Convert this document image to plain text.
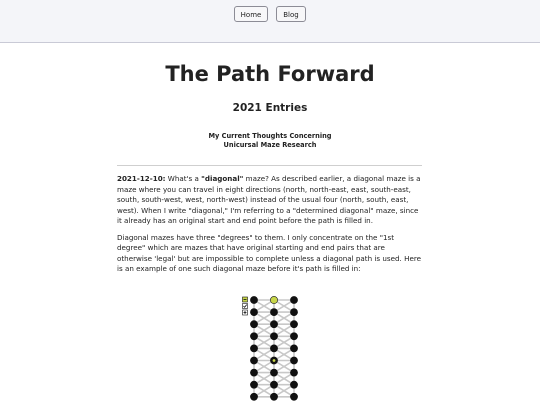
Home	Blog
The Path Forward
2021 Entries
My Current Thoughts Concerning
Unicursal Maze Research

2021-12-10: What's a "diagonal" maze? As described earlier, a diagonal maze is a maze where you can travel in eight directions (north, north-east, east, south-east, south, south-west, west, north-west) instead of the usual four (north, south, east, west). When I write "diagonal," I'm referring to a "determined diagonal" maze, since it already has an original start and end point before the path is filled in.

Diagonal mazes have three "degrees" to them. I only concentrate on the "1st degree" which are mazes that have original starting and end pairs that are otherwise 'legal' but are impossible to complete unless a diagonal path is used. Here is an example of one such diagonal maze before it's path is filled in:
